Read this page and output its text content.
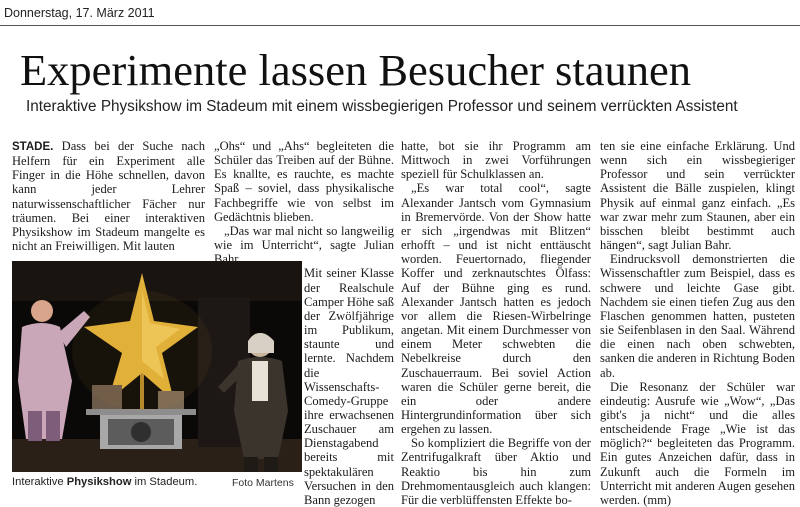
Donnerstag, 17. März 2011
Experimente lassen Besucher staunen
Interaktive Physikshow im Stadeum mit einem wissbegierigen Professor und seinem verrückten Assistent

STADE. Dass bei der Suche nach Helfern für ein Experiment alle Finger in die Höhe schnellen, davon kann jeder Lehrer naturwissenschaftlicher Fächer nur träumen. Bei einer interaktiven Physikshow im Stadeum mangelte es nicht an Freiwilligen. Mit lauten

Interaktive Physikshow im Stadeum.	Foto Martens

„Ohs“ und „Ahs“ begleiteten die Schüler das Treiben auf der Bühne. Es knallte, es rauchte, es machte Spaß – soviel, dass physikalische Fachbegriffe wie von selbst im Gedächtnis blieben.

„Das war mal nicht so langweilig wie im Unterricht“, sagte Julian Bahr.

Mit seiner Klasse der Realschule Camper Höhe saß der Zwölfjährige im Publikum, staunte und lernte. Nachdem die Wissenschafts-Comedy-Gruppe ihre erwachsenen Zuschauer am Dienstagabend bereits mit spektakulären Versuchen in den Bann gezogen

hatte, bot sie ihr Programm am Mittwoch in zwei Vorführungen speziell für Schulklassen an.

„Es war total cool“, sagte Alexander Jantsch vom Gymnasium in Bremervörde. Von der Show hatte er sich „irgendwas mit Blitzen“ erhofft – und ist nicht enttäuscht worden. Feuertornado, fliegender Koffer und zerknautschtes Ölfass: Auf der Bühne ging es rund. Alexander Jantsch hatten es jedoch vor allem die Riesen-Wirbelringe angetan. Mit einem Durchmesser von einem Meter schwebten die Nebelkreise durch den Zuschauerraum. Bei soviel Action waren die Schüler gerne bereit, die ein oder andere Hintergrundinformation über sich ergehen zu lassen.

So kompliziert die Begriffe von der Zentrifugalkraft über Aktio und Reaktio bis hin zum Drehmomentausgleich auch klangen: Für die verblüffensten Effekte bo-

ten sie eine einfache Erklärung. Und wenn sich ein wissbegieriger Professor und sein verrückter Assistent die Bälle zuspielen, klingt Physik auf einmal ganz einfach. „Es war zwar mehr zum Staunen, aber ein bisschen bleibt bestimmt auch hängen“, sagt Julian Bahr.

Eindrucksvoll demonstrierten die Wissenschaftler zum Beispiel, dass es schwere und leichte Gase gibt. Nachdem sie einen tiefen Zug aus den Flaschen genommen hatten, pusteten sie Seifenblasen in den Saal. Während die einen nach oben schwebten, sanken die anderen in Richtung Boden ab.

Die Resonanz der Schüler war eindeutig: Ausrufe wie „Wow“, „Das gibt's ja nicht“ und die alles entscheidende Frage „Wie ist das möglich?“ begleiteten das Programm. Ein gutes Anzeichen dafür, dass in Zukunft auch die Formeln im Unterricht mit anderen Augen gesehen werden. (mm)
